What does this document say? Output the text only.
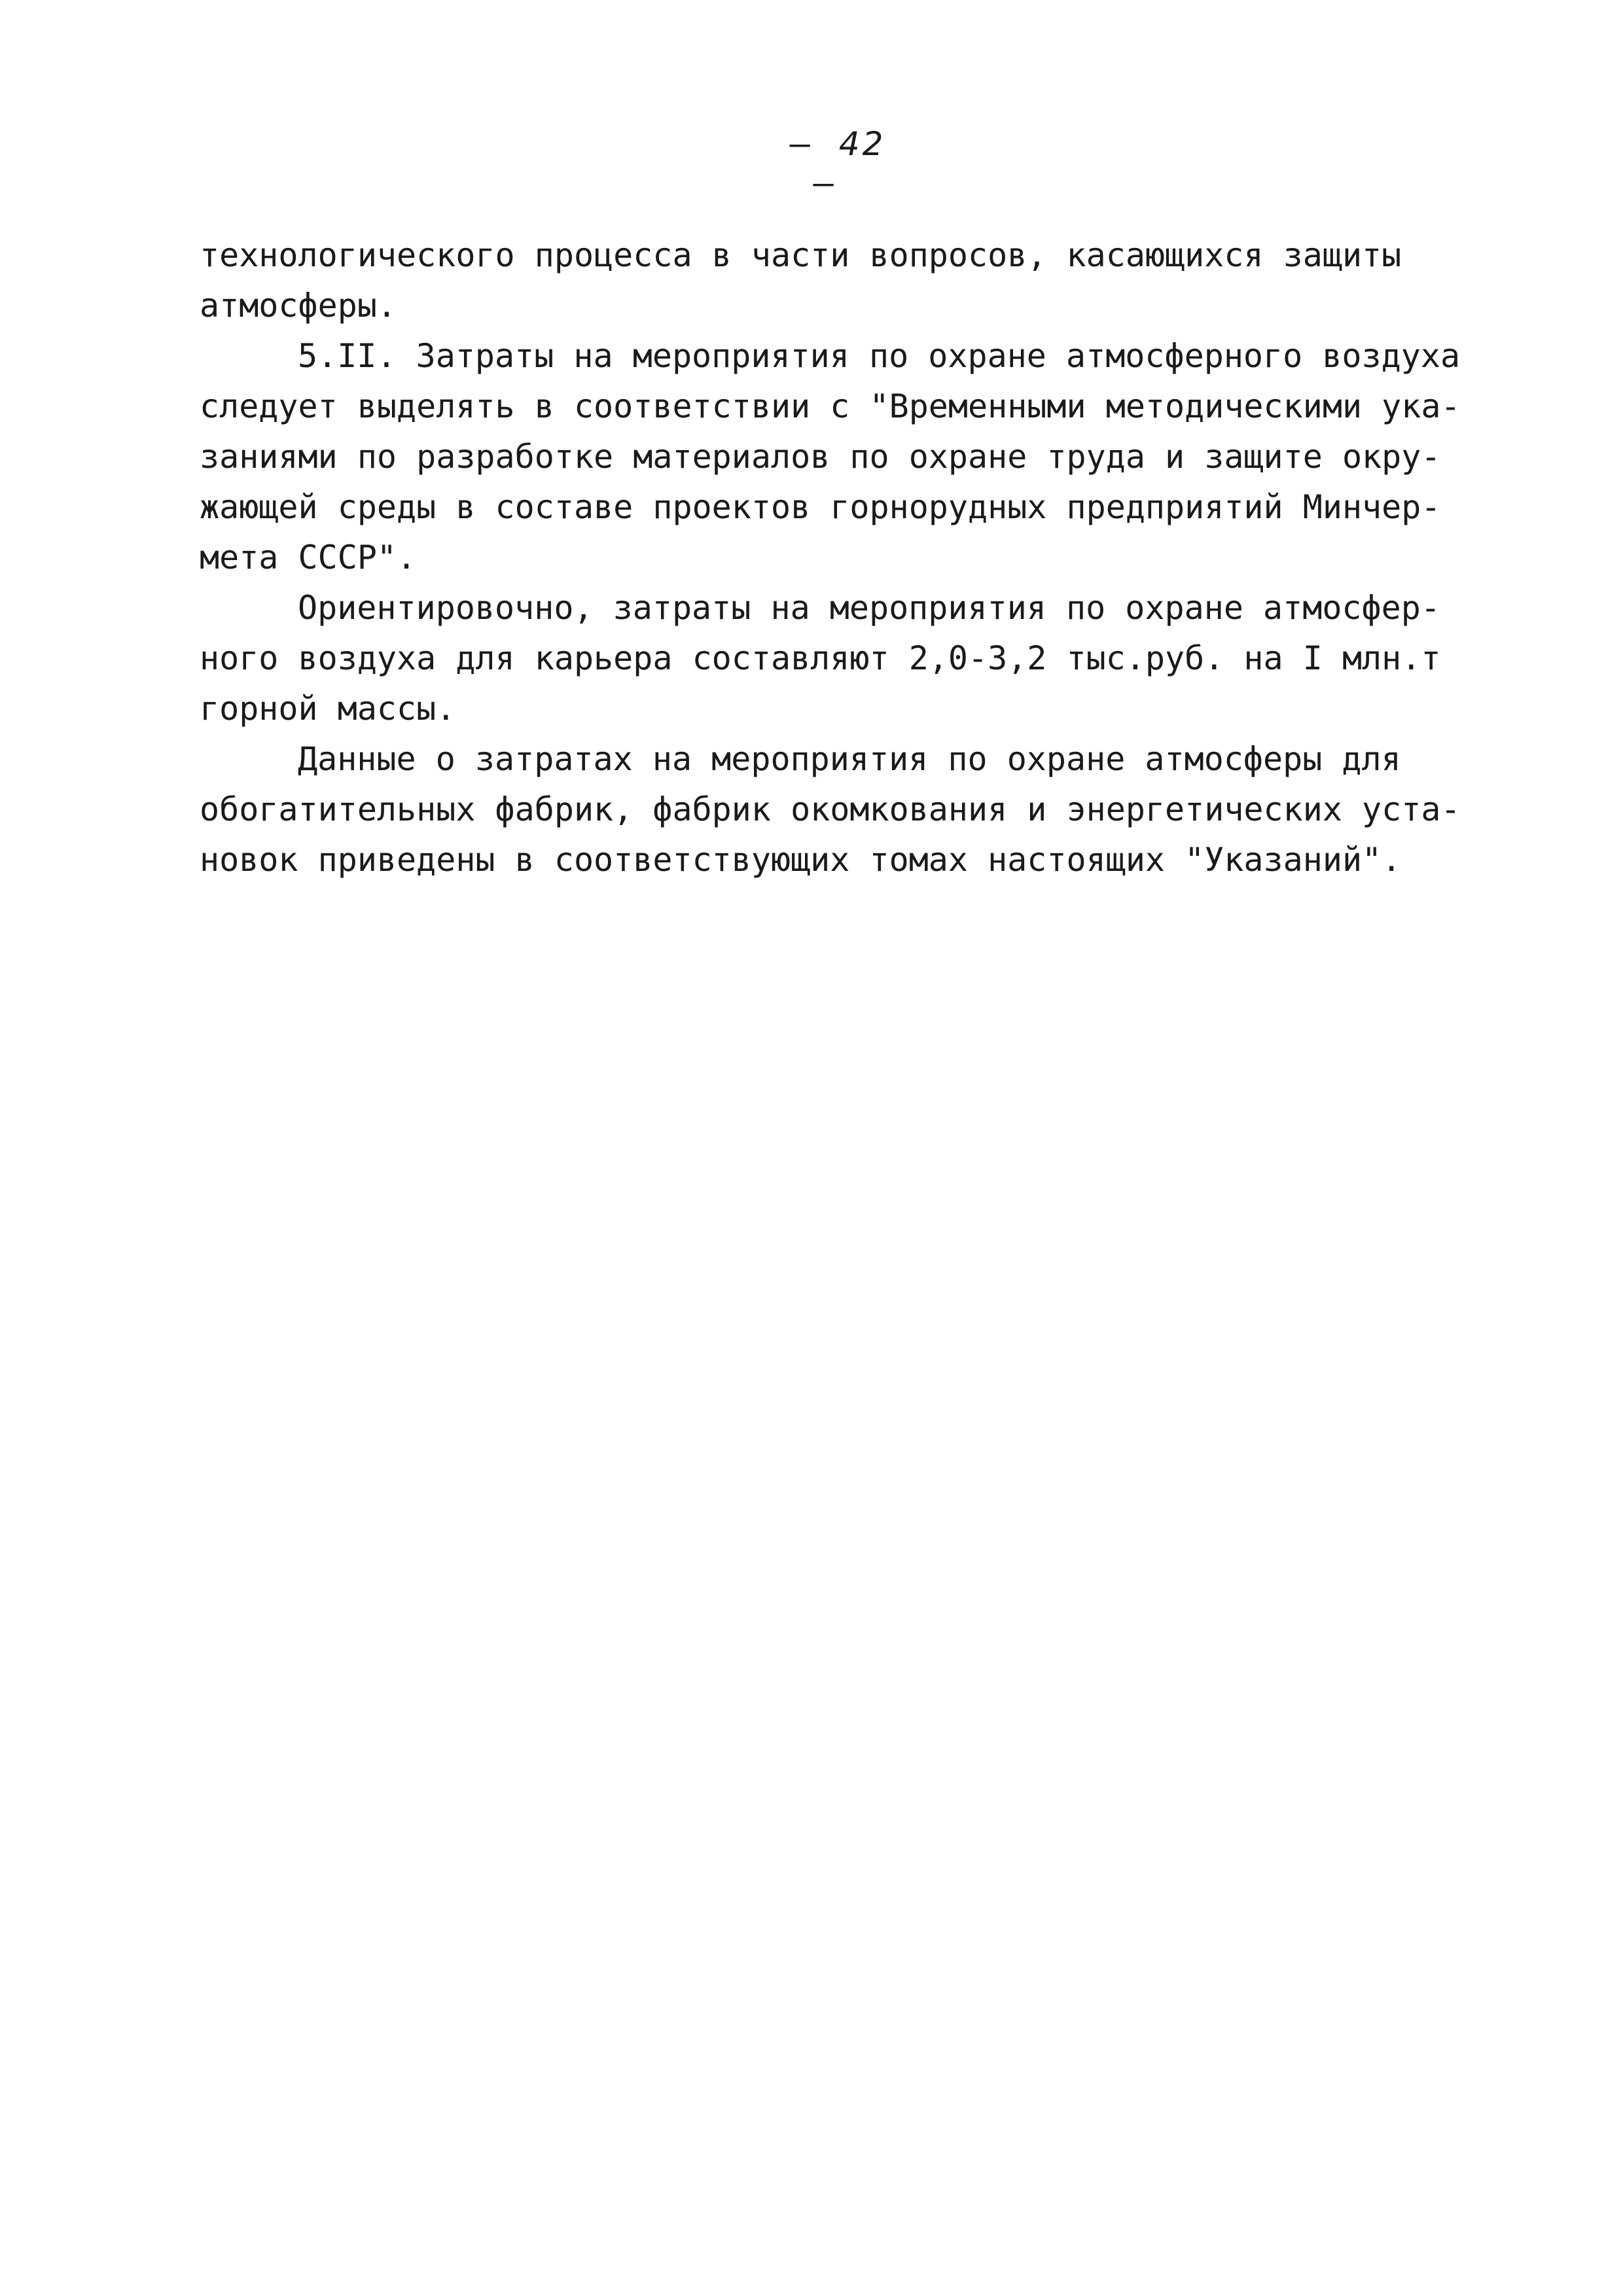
– 42–
технологического процесса в части вопросов, касающихся защиты
атмосферы.
5.II. Затраты на мероприятия по охране атмосферного воздуха
следует выделять в соответствии с "Временными методическими ука-
заниями по разработке материалов по охране труда и защите окру-
жающей среды в составе проектов горнорудных предприятий Минчер-
мета СССР".
Ориентировочно, затраты на мероприятия по охране атмосфер-
ного воздуха для карьера составляют 2,0-3,2 тыс.руб. на I млн.т
горной массы.
Данные о затратах на мероприятия по охране атмосферы для
обогатительных фабрик, фабрик окомкования и энергетических уста-
новок приведены в соответствующих томах настоящих "Указаний".
